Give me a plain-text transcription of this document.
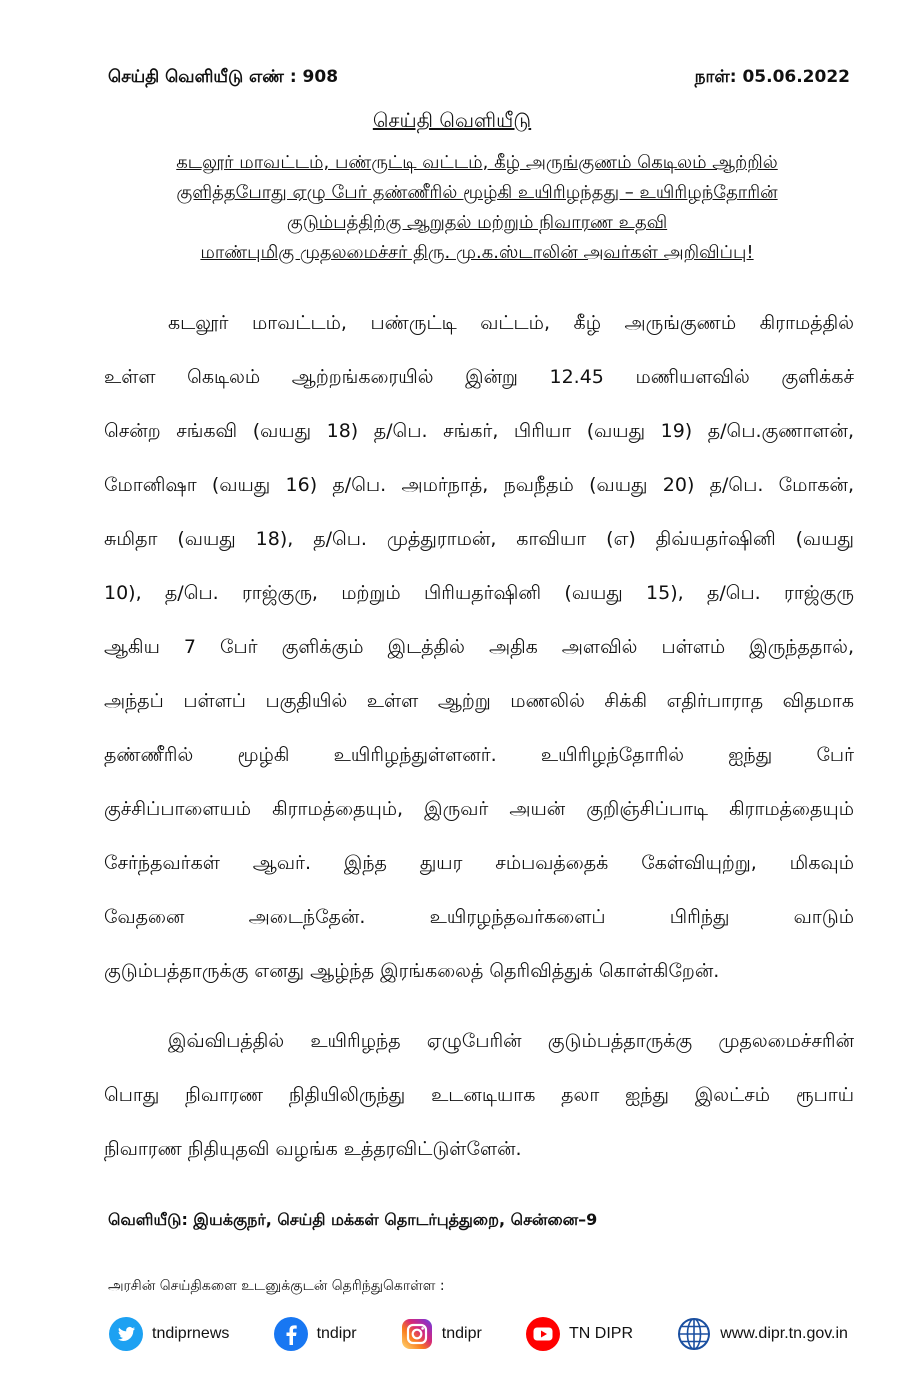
செய்தி வெளியீடு எண் : 908	நாள்: 05.06.2022
செய்தி வெளியீடு
கடலூர் மாவட்டம், பண்ருட்டி வட்டம், கீழ் அருங்குணம் கெடிலம் ஆற்றில்
குளித்தபோது ஏழு பேர் தண்ணீரில் மூழ்கி உயிரிழந்தது – உயிரிழந்தோரின்
குடும்பத்திற்கு ஆறுதல் மற்றும் நிவாரண உதவி
மாண்புமிகு முதலமைச்சர் திரு. மு.க.ஸ்டாலின் அவர்கள் அறிவிப்பு!
கடலூர் மாவட்டம், பண்ருட்டி வட்டம், கீழ் அருங்குணம் கிராமத்தில்
உள்ள கெடிலம் ஆற்றங்கரையில் இன்று 12.45 மணியளவில் குளிக்கச்
சென்ற சங்கவி (வயது 18) த/பெ. சங்கர், பிரியா (வயது 19) த/பெ.குணாளன்,
மோனிஷா (வயது 16) த/பெ. அமர்நாத், நவநீதம் (வயது 20) த/பெ. மோகன்,
சுமிதா (வயது 18), த/பெ. முத்துராமன், காவியா (எ) திவ்யதர்ஷினி (வயது
10), த/பெ. ராஜ்குரு, மற்றும் பிரியதர்ஷினி (வயது 15), த/பெ. ராஜ்குரு
ஆகிய 7 பேர் குளிக்கும் இடத்தில் அதிக அளவில் பள்ளம் இருந்ததால்,
அந்தப் பள்ளப் பகுதியில் உள்ள ஆற்று மணலில் சிக்கி எதிர்பாராத விதமாக
தண்ணீரில் மூழ்கி உயிரிழந்துள்ளனர். உயிரிழந்தோரில் ஐந்து பேர்
குச்சிப்பாளையம் கிராமத்தையும், இருவர் அயன் குறிஞ்சிப்பாடி கிராமத்தையும்
சேர்ந்தவர்கள் ஆவர். இந்த துயர சம்பவத்தைக் கேள்வியுற்று, மிகவும்
வேதனை அடைந்தேன். உயிரழந்தவர்களைப் பிரிந்து வாடும்
குடும்பத்தாருக்கு எனது ஆழ்ந்த இரங்கலைத் தெரிவித்துக் கொள்கிறேன்.
இவ்விபத்தில் உயிரிழந்த ஏழுபேரின் குடும்பத்தாருக்கு முதலமைச்சரின்
பொது நிவாரண நிதியிலிருந்து உடனடியாக தலா ஐந்து இலட்சம் ரூபாய்
நிவாரண நிதியுதவி வழங்க உத்தரவிட்டுள்ளேன்.
வெளியீடு: இயக்குநர், செய்தி மக்கள் தொடர்புத்துறை, சென்னை–9
அரசின் செய்திகளை உடனுக்குடன் தெரிந்துகொள்ள :
tndiprnews	tndipr	tndipr	TN DIPR	www.dipr.tn.gov.in
